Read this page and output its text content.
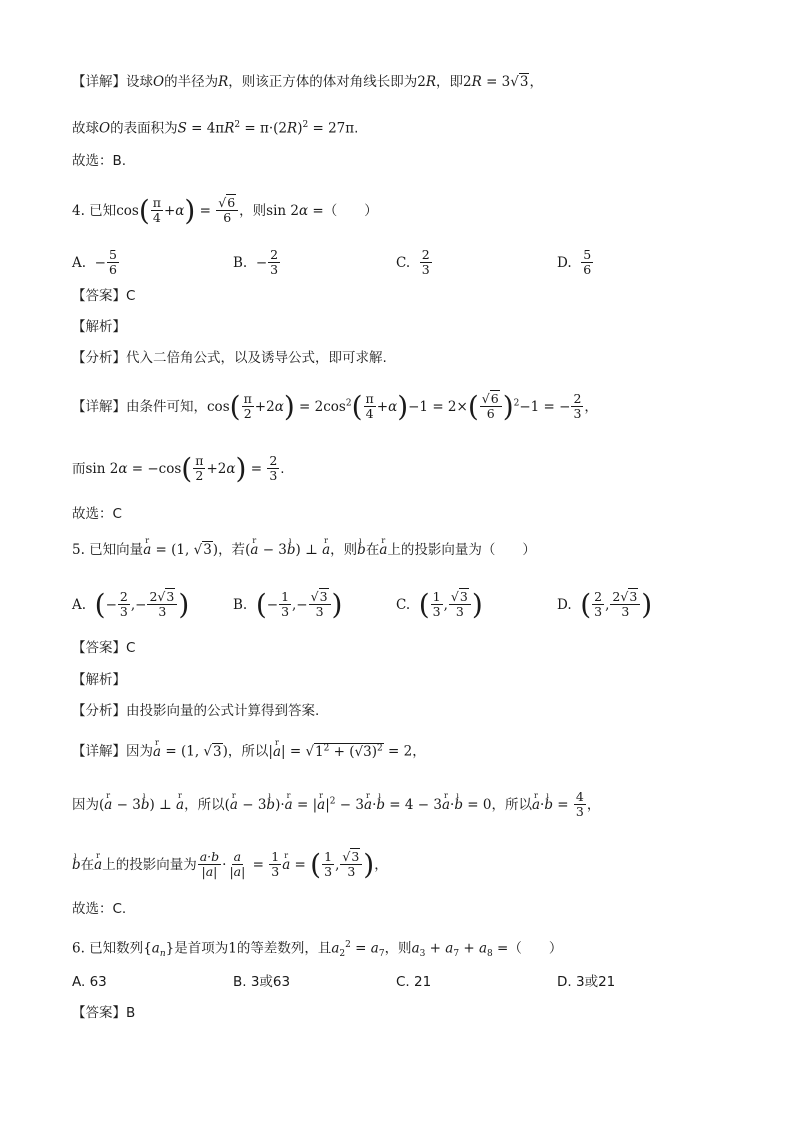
【详解】设球O的半径为R，则该正方体的体对角线长即为2R，即2R = 3√3，
故球O的表面积为$S = 4\pi R^2 = \pi\cdot(2R)^2 = 27\pi$.
故选：B.
4. 已知$\cos( \frac{\pi}{4} +\alpha) = \frac{√6}{6}$ ，则sin 2α =（　　）
A. − $\frac{5}{6}$	B. − $\frac{2}{3}$	C. $\frac{2}{3}$	D. $\frac{5}{6}$
【答案】C
【解析】
【分析】代入二倍角公式，以及诱导公式，即可求解.
【详解】由条件可知，$\cos( \frac{\pi}{2} +2\alpha) = 2\cos^2( \frac{\pi}{4} +\alpha)-1 = 2\times( \frac{√6}{6} )^2-1$ = − $\frac{2}{3}$ ，
而$\sin 2\alpha = -\cos( \frac{\pi}{2} +2\alpha) = \frac{2}{3}$ .
故选：C
5. 已知向量r a = (1, √3)，若(r a − 3ı b) ⊥ r a，则ı b在r a上的投影向量为（　　）
A. (− $\frac{2}{3}$ ,− $\frac{2√3}{3}$ )	B. (− $\frac{1}{3}$ ,− $\frac{√3}{3}$ )	C. ( $\frac{1}{3}$ , $\frac{√3}{3}$ )	D. ( $\frac{2}{3}$ , $\frac{2√3}{3}$ )
【答案】C
【解析】
【分析】由投影向量的公式计算得到答案.
【详解】因为r a = (1, √3)，所以|r $a| = √1^2 + (√3)^2 = 2$，
因为(r a − 3ı b) ⊥ r a，所以(r a − 3ı b)·r a = |r $a|^2 - 3r$ a·ı b = 4 − 3r a·ı b = 0，所以r a·ı $b = \frac{4}{3}$ ，
ı b在r a上的投影向量为 $\frac{a\cdot b}{|a|} \cdot \frac{a}{|a|} = \frac{1}{3}$
r a = ( $\frac{1}{3}$ , $\frac{√3}{3}$ )，
故选：C.
6. 已知数列$\{a_n\}$是首项为1的等差数列，且$a_2^2 = a_7$，则$a_3 + a_7 + a_8$ =（　　）
A. 63	B. 3或63	C. 21	D. 3或21
【答案】B
